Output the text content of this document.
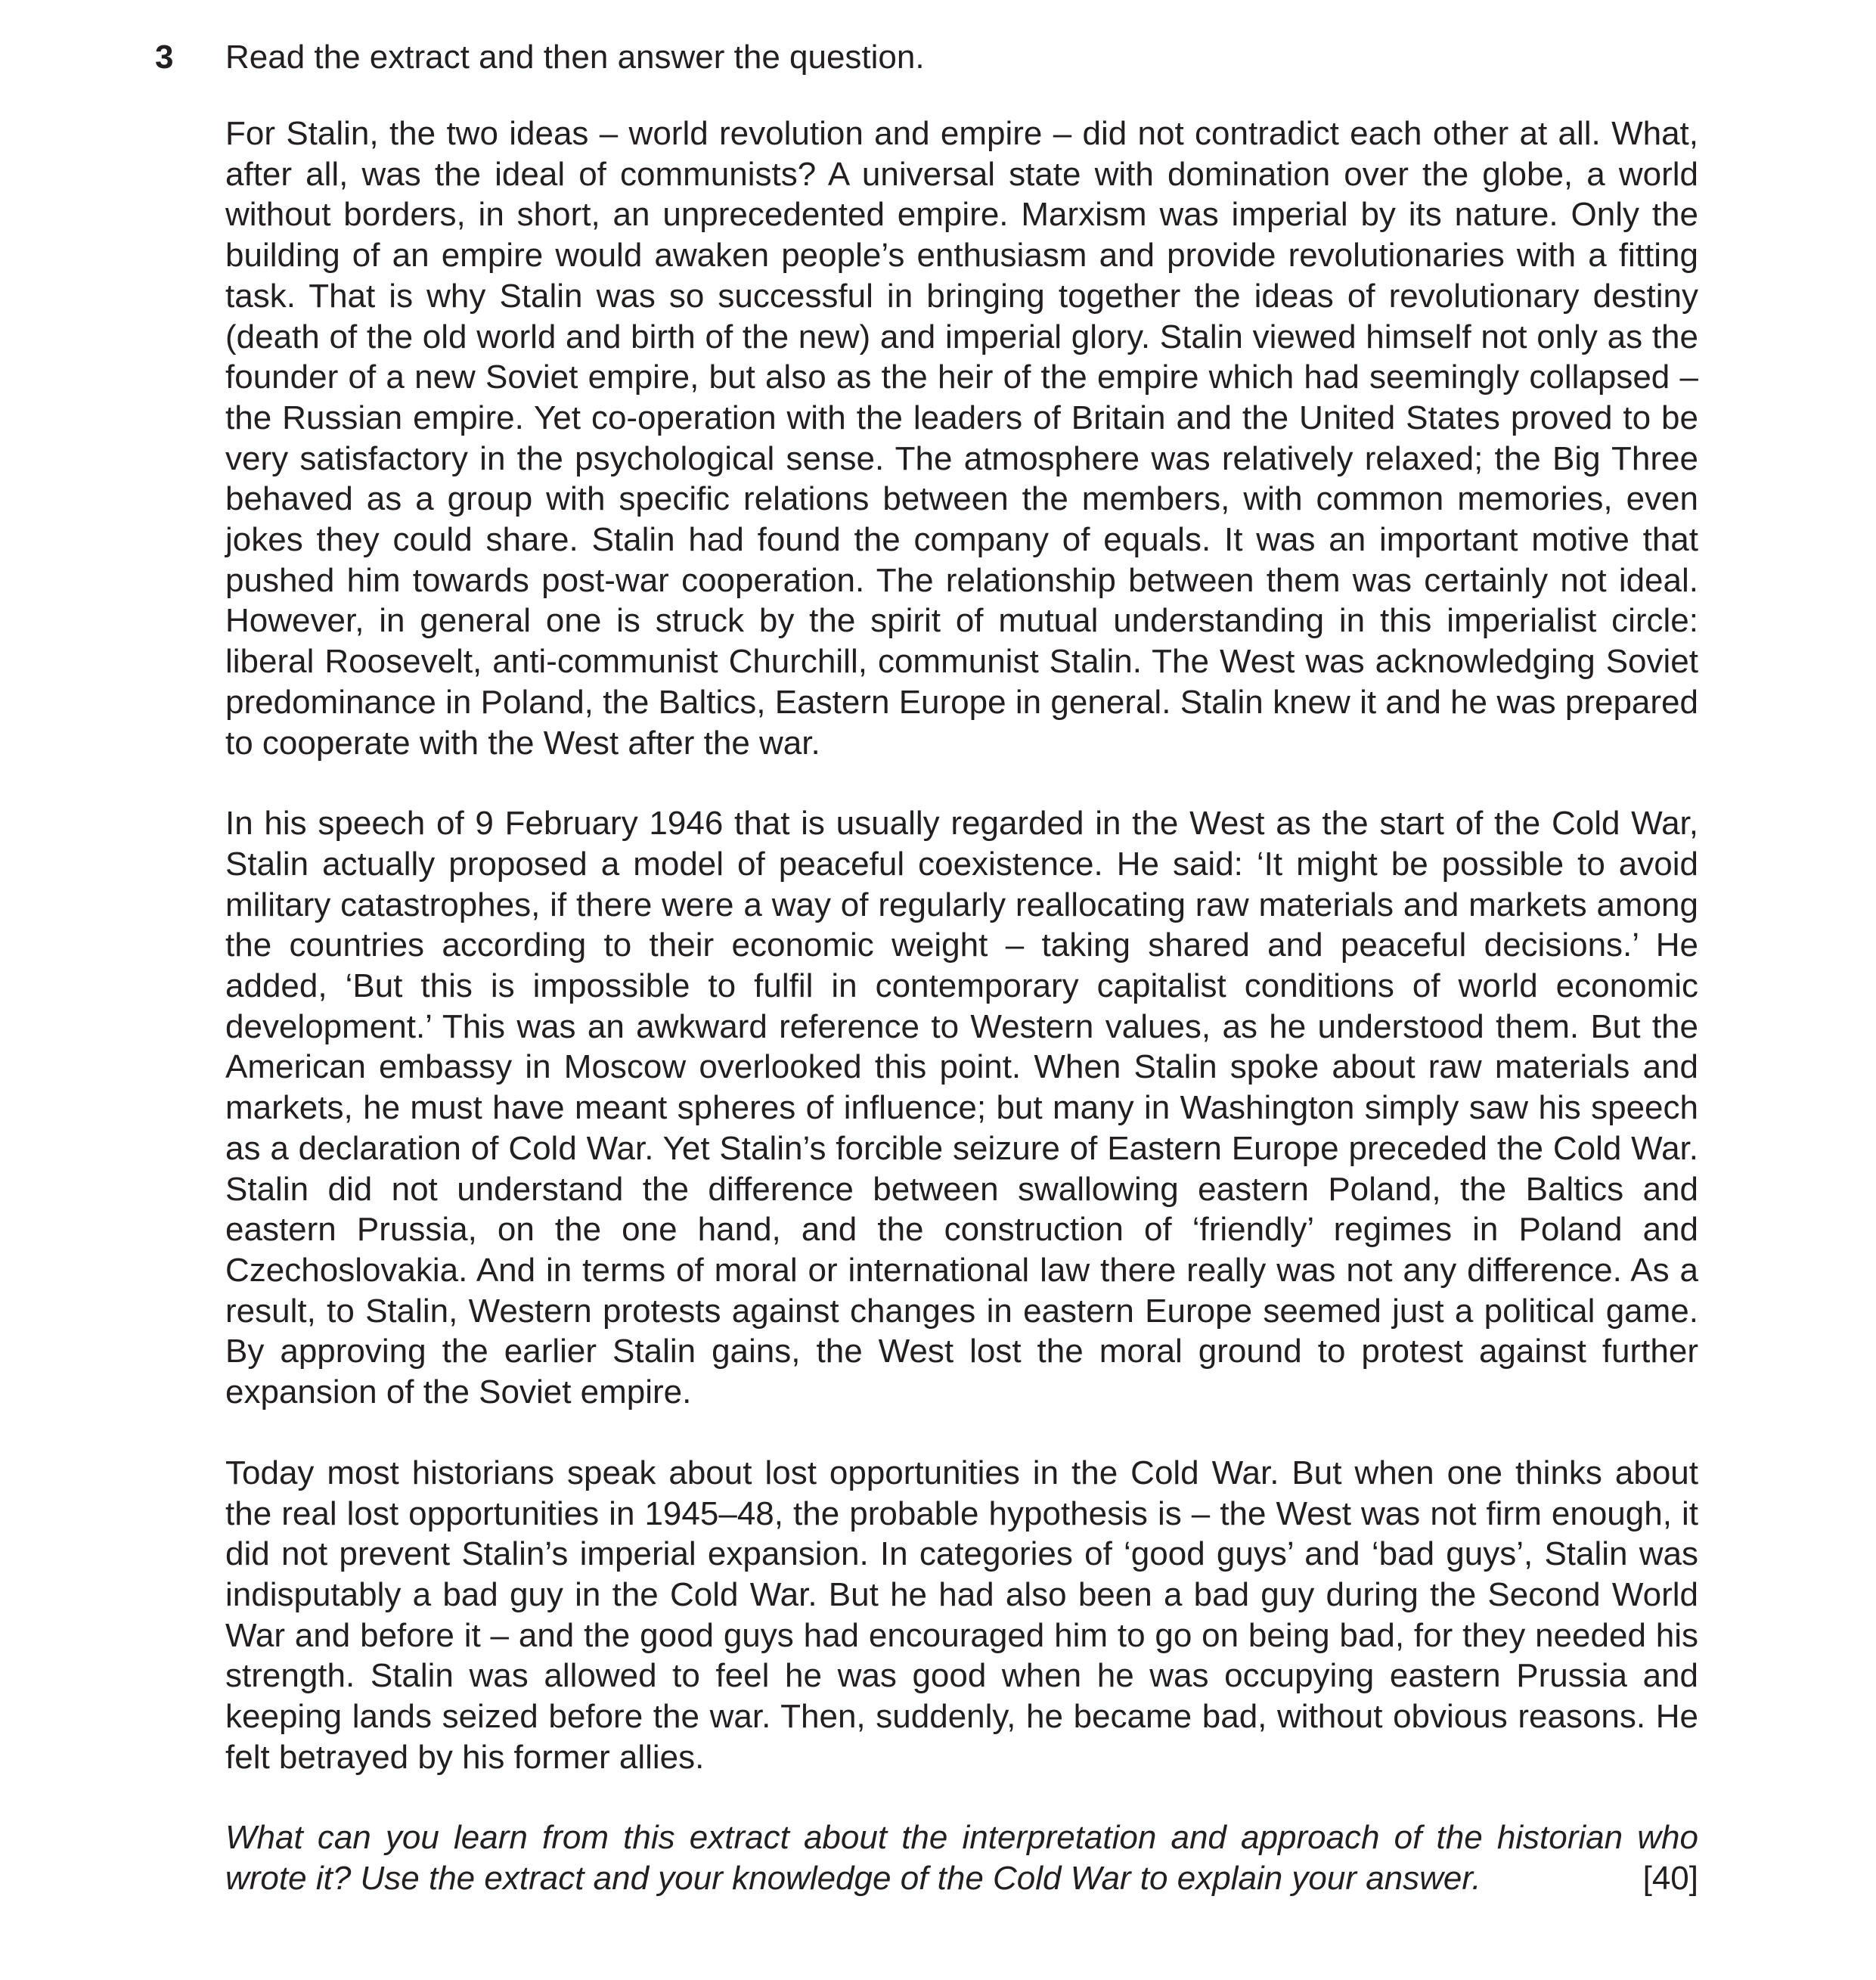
3 Read the extract and then answer the question.

For Stalin, the two ideas – world revolution and empire – did not contradict each other at all. What, after all, was the ideal of communists? A universal state with domination over the globe, a world without borders, in short, an unprecedented empire. Marxism was imperial by its nature. Only the building of an empire would awaken people’s enthusiasm and provide revolutionaries with a fitting task. That is why Stalin was so successful in bringing together the ideas of revolutionary destiny (death of the old world and birth of the new) and imperial glory. Stalin viewed himself not only as the founder of a new Soviet empire, but also as the heir of the empire which had seemingly collapsed – the Russian empire. Yet co-operation with the leaders of Britain and the United States proved to be very satisfactory in the psychological sense. The atmosphere was relatively relaxed; the Big Three behaved as a group with specific relations between the members, with common memories, even jokes they could share. Stalin had found the company of equals. It was an important motive that pushed him towards post-war cooperation. The relationship between them was certainly not ideal. However, in general one is struck by the spirit of mutual understanding in this imperialist circle: liberal Roosevelt, anti-communist Churchill, communist Stalin. The West was acknowledging Soviet predominance in Poland, the Baltics, Eastern Europe in general. Stalin knew it and he was prepared to cooperate with the West after the war.

In his speech of 9 February 1946 that is usually regarded in the West as the start of the Cold War, Stalin actually proposed a model of peaceful coexistence. He said: ‘It might be possible to avoid military catastrophes, if there were a way of regularly reallocating raw materials and markets among the countries according to their economic weight – taking shared and peaceful decisions.’ He added, ‘But this is impossible to fulfil in contemporary capitalist conditions of world economic development.’ This was an awkward reference to Western values, as he understood them. But the American embassy in Moscow overlooked this point. When Stalin spoke about raw materials and markets, he must have meant spheres of influence; but many in Washington simply saw his speech as a declaration of Cold War. Yet Stalin’s forcible seizure of Eastern Europe preceded the Cold War. Stalin did not understand the difference between swallowing eastern Poland, the Baltics and eastern Prussia, on the one hand, and the construction of ‘friendly’ regimes in Poland and Czechoslovakia. And in terms of moral or international law there really was not any difference. As a result, to Stalin, Western protests against changes in eastern Europe seemed just a political game. By approving the earlier Stalin gains, the West lost the moral ground to protest against further expansion of the Soviet empire.

Today most historians speak about lost opportunities in the Cold War. But when one thinks about the real lost opportunities in 1945–48, the probable hypothesis is – the West was not firm enough, it did not prevent Stalin’s imperial expansion. In categories of ‘good guys’ and ‘bad guys’, Stalin was indisputably a bad guy in the Cold War. But he had also been a bad guy during the Second World War and before it – and the good guys had encouraged him to go on being bad, for they needed his strength. Stalin was allowed to feel he was good when he was occupying eastern Prussia and keeping lands seized before the war. Then, suddenly, he became bad, without obvious reasons. He felt betrayed by his former allies.

What can you learn from this extract about the interpretation and approach of the historian who
wrote it? Use the extract and your knowledge of the Cold War to explain your answer.	[40]
